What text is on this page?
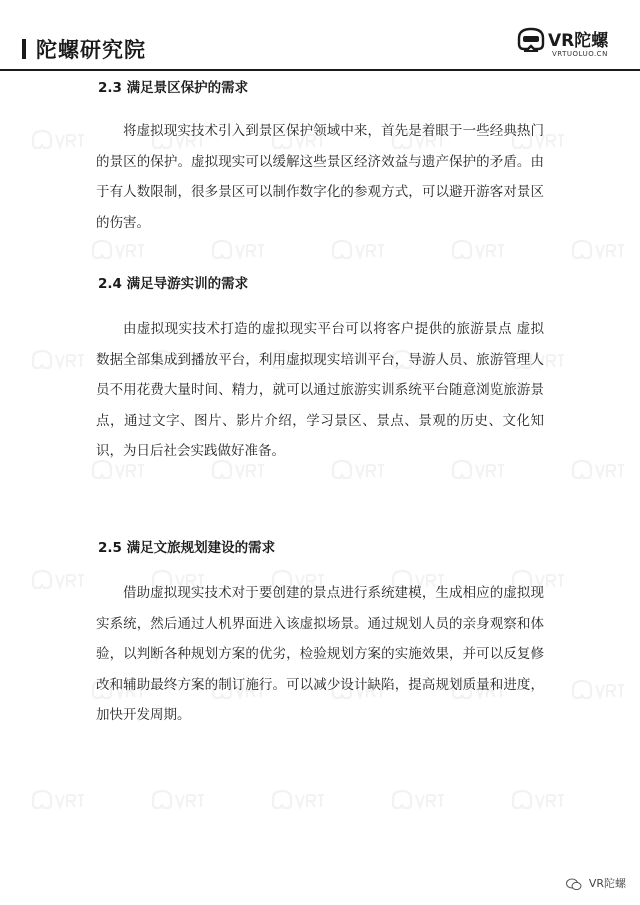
陀螺研究院	VR陀螺
VRTUOLUO.CN
2.3 满足景区保护的需求

将虚拟现实技术引入到景区保护领域中来，首先是着眼于一些经典热门的景区的保护。虚拟现实可以缓解这些景区经济效益与遗产保护的矛盾。由于有人数限制，很多景区可以制作数字化的参观方式，可以避开游客对景区的伤害。

2.4 满足导游实训的需求

由虚拟现实技术打造的虚拟现实平台可以将客户提供的旅游景点 虚拟数据全部集成到播放平台，利用虚拟现实培训平台，导游人员、旅游管理人员不用花费大量时间、精力，就可以通过旅游实训系统平台随意浏览旅游景点，通过文字、图片、影片介绍，学习景区、景点、景观的历史、文化知识，为日后社会实践做好准备。

2.5 满足文旅规划建设的需求

借助虚拟现实技术对于要创建的景点进行系统建模，生成相应的虚拟现实系统，然后通过人机界面进入该虚拟场景。通过规划人员的亲身观察和体验，以判断各种规划方案的优劣，检验规划方案的实施效果，并可以反复修改和辅助最终方案的制订施行。可以减少设计缺陷，提高规划质量和进度，加快开发周期。

VR陀螺
